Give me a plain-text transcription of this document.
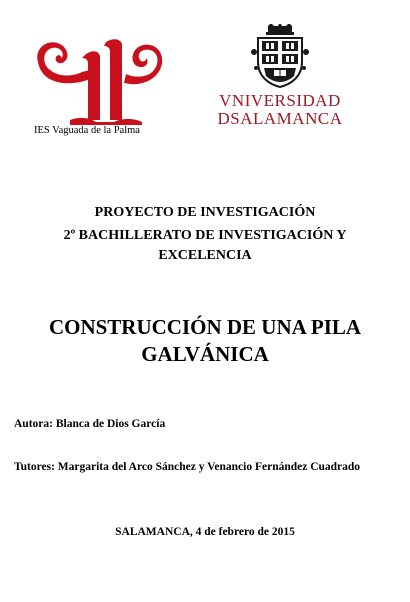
IES Vaguada de la Palma
VNIVERSIDAD
DSALAMANCA
PROYECTO DE INVESTIGACIÓN
2º BACHILLERATO DE INVESTIGACIÓN Y
EXCELENCIA
CONSTRUCCIÓN DE UNA PILA
GALVÁNICA
Autora: Blanca de Dios García
Tutores: Margarita del Arco Sánchez y Venancio Fernández Cuadrado
SALAMANCA, 4 de febrero de 2015
